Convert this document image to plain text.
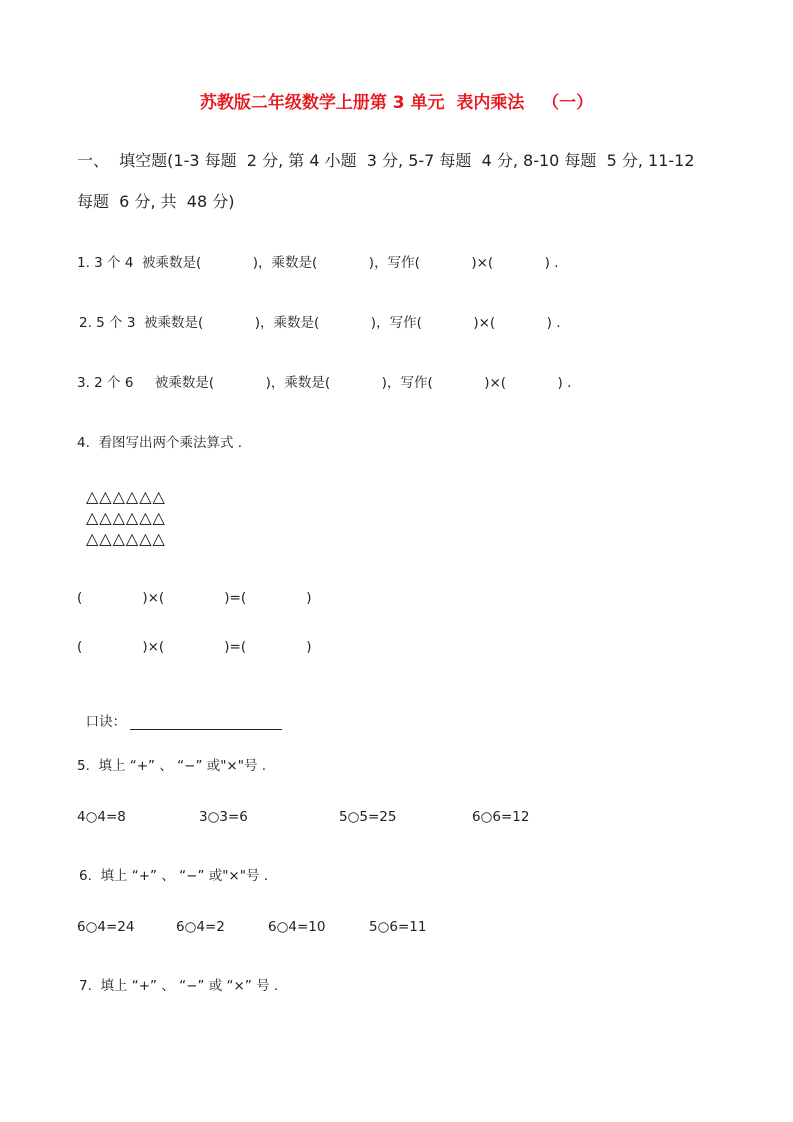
苏教版二年级数学上册第 3 单元  表内乘法   （一）
一、  填空题(1-3 每题  2 分, 第 4 小题  3 分, 5-7 每题  4 分, 8-10 每题  5 分, 11-12
每题  6 分, 共  48 分)
1. 3 个 4  被乘数是(            )，乘数是(            )，写作(            )×(            ) .
2. 5 个 3  被乘数是(            )，乘数是(            )，写作(            )×(            ) .
3. 2 个 6     被乘数是(            )，乘数是(            )，写作(            )×(            ) .
4.  看图写出两个乘法算式 .
△△△△△△
△△△△△△
△△△△△△
(              )×(              )=(              )
(              )×(              )=(              )

口诀：

5.  填上 “+” 、 “−” 或"×"号 .
4○4=8	3○3=6	5○5=25	6○6=12
6.  填上 “+” 、 “−” 或"×"号 .
6○4=24	6○4=2	6○4=10	5○6=11
7.  填上 “+” 、 “−” 或 “×” 号 .
